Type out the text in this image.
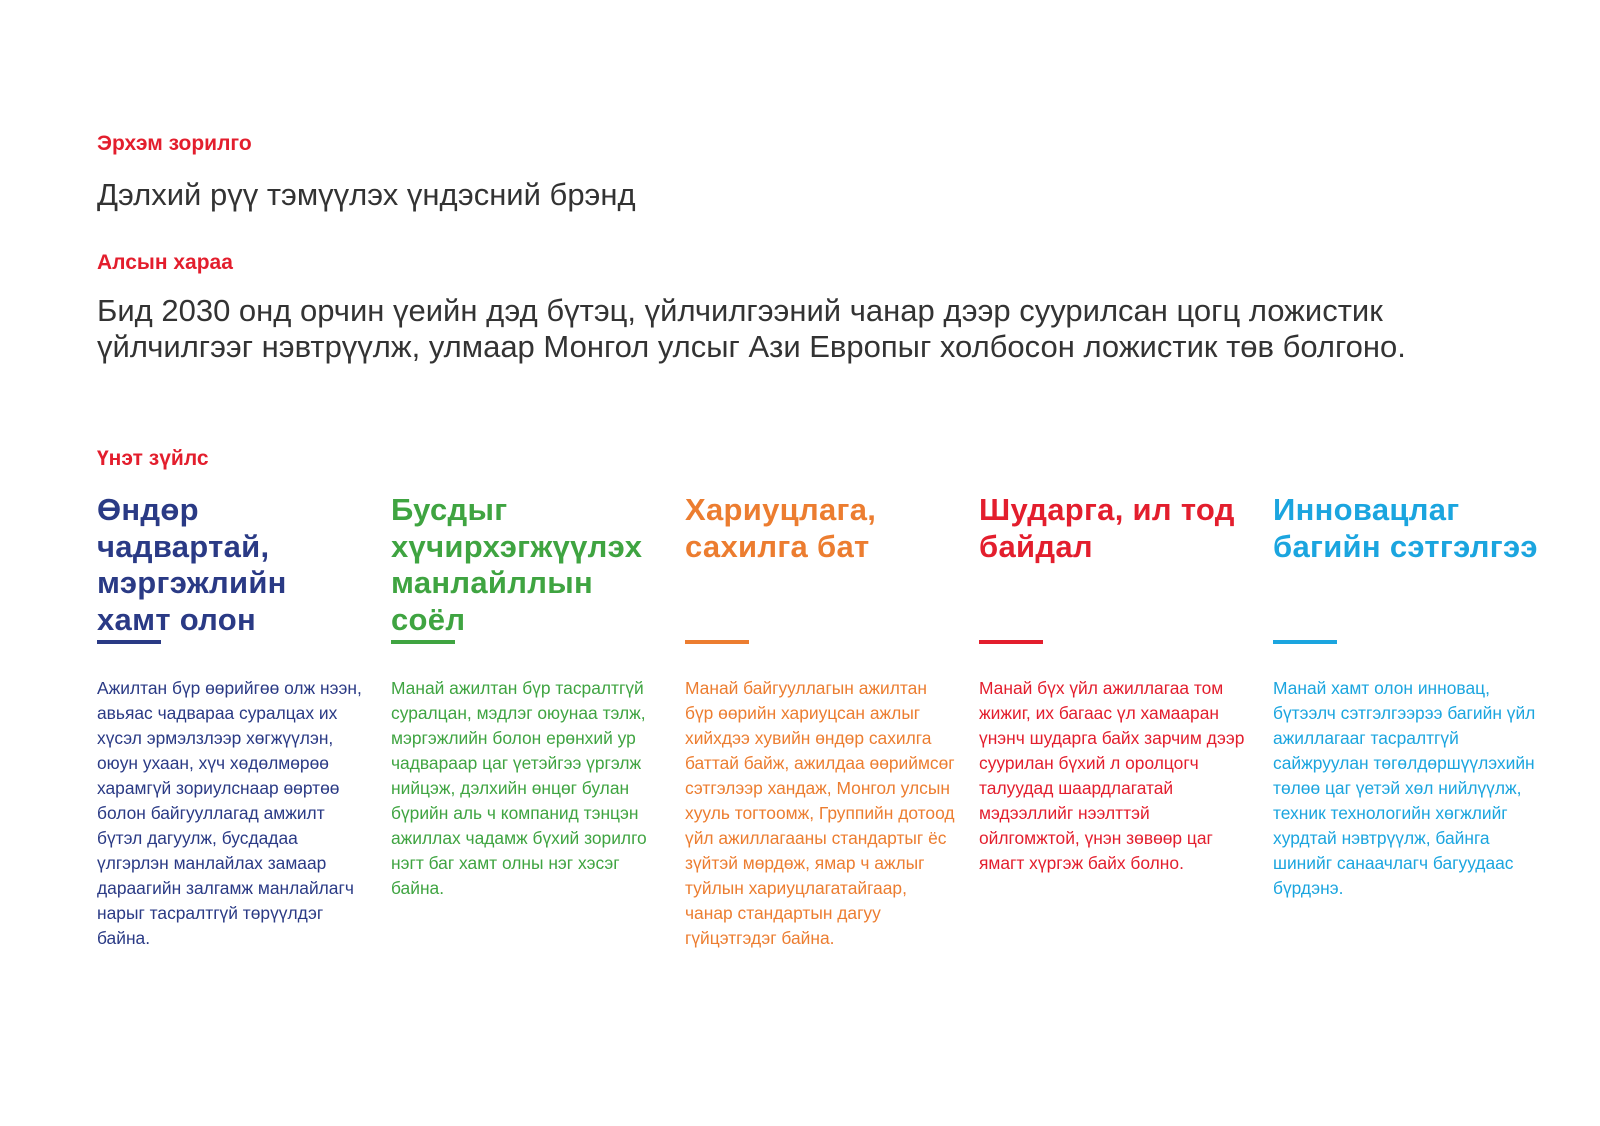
Эрхэм зорилго

Дэлхий рүү тэмүүлэх үндэсний брэнд

Алсын хараа

Бид 2030 онд орчин үеийн дэд бүтэц, үйлчилгээний чанар дээр суурилсан цогц ложистик үйлчилгээг нэвтрүүлж, улмаар Монгол улсыг Ази Европыг холбосон ложистик төв болгоно.

Үнэт зүйлс
Өндөр чадвартай, мэргэжлийн хамт олон

Ажилтан бүр өөрийгөө олж нээн, авьяас чадвараа суралцах их хүсэл эрмэлзлээр хөгжүүлэн, оюун ухаан, хүч хөдөлмөрөө харамгүй зориулснаар өөртөө болон байгууллагад амжилт бүтэл дагуулж, бусдадаа үлгэрлэн манлайлах замаар дараагийн залгамж манлайлагч нарыг тасралтгүй төрүүлдэг байна.

Бусдыг хүчирхэгжүүлэх манлайллын соёл

Манай ажилтан бүр тасралтгүй суралцан, мэдлэг оюунаа тэлж, мэргэжлийн болон ерөнхий ур чадвараар цаг үетэйгээ үргэлж нийцэж, дэлхийн өнцөг булан бүрийн аль ч компанид тэнцэн ажиллах чадамж бүхий зорилго нэгт баг хамт олны нэг хэсэг байна.

Хариуцлага, сахилга бат

Манай байгууллагын ажилтан бүр өөрийн хариуцсан ажлыг хийхдээ хувийн өндөр сахилга баттай байж, ажилдаа өөриймсөг сэтгэлээр хандаж, Монгол улсын хууль тогтоомж, Группийн дотоод үйл ажиллагааны стандартыг ёс зүйтэй мөрдөж, ямар ч ажлыг туйлын хариуцлагатайгаар, чанар стандартын дагуу гүйцэтгэдэг байна.

Шударга, ил тод байдал

Манай бүх үйл ажиллагаа том жижиг, их багаас үл хамааран үнэнч шударга байх зарчим дээр суурилан бүхий л оролцогч талуудад шаардлагатай мэдээллийг нээлттэй ойлгомжтой, үнэн зөвөөр цаг ямагт хүргэж байх болно.

Инновацлаг багийн сэтгэлгээ

Манай хамт олон инновац, бүтээлч сэтгэлгээрээ багийн үйл ажиллагааг тасралтгүй сайжруулан төгөлдөршүүлэхийн төлөө цаг үетэй хөл нийлүүлж, техник технологийн хөгжлийг хурдтай нэвтрүүлж, байнга шинийг санаачлагч багуудаас бүрдэнэ.
